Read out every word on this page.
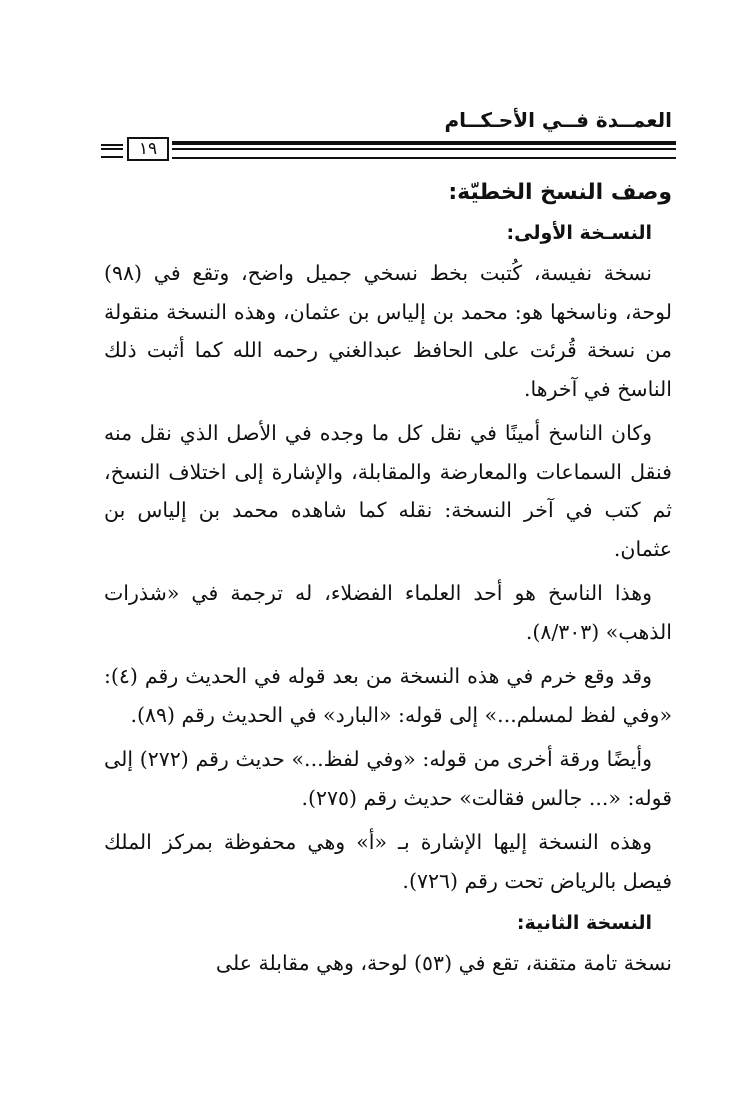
العمــدة فــي الأحـكــام
١٩
وصف النسخ الخطيّة:
النسـخة الأولى:
نسخة نفيسة، كُتبت بخط نسخي جميل واضح، وتقع في (٩٨) لوحة، وناسخها هو: محمد بن إلياس بن عثمان، وهذه النسخة منقولة من نسخة قُرئت على الحافظ عبدالغني رحمه الله كما أثبت ذلك الناسخ في آخرها.
وكان الناسخ أمينًا في نقل كل ما وجده في الأصل الذي نقل منه فنقل السماعات والمعارضة والمقابلة، والإشارة إلى اختلاف النسخ، ثم كتب في آخر النسخة: نقله كما شاهده محمد بن إلياس بن عثمان.
وهذا الناسخ هو أحد العلماء الفضلاء، له ترجمة في «شذرات الذهب» (٨/٣٠٣).
وقد وقع خرم في هذه النسخة من بعد قوله في الحديث رقم (٤): «وفي لفظ لمسلم...» إلى قوله: «البارد» في الحديث رقم (٨٩).
وأيضًا ورقة أخرى من قوله: «وفي لفظ...» حديث رقم (٢٧٢) إلى قوله: «... جالس فقالت» حديث رقم (٢٧٥).
وهذه النسخة إليها الإشارة بـ «أ» وهي محفوظة بمركز الملك فيصل بالرياض تحت رقم (٧٢٦).
النسخة الثانية:
نسخة تامة متقنة، تقع في (٥٣) لوحة، وهي مقابلة على
